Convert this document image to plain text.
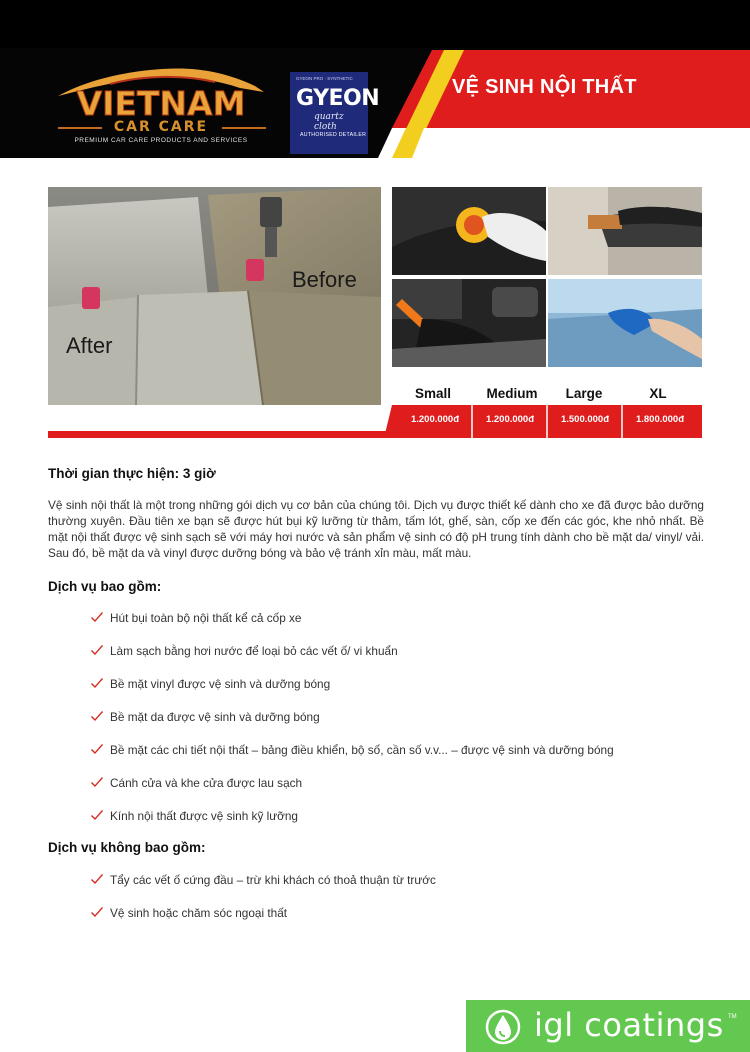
VIETNAM
CAR CARE
PREMIUM CAR CARE PRODUCTS AND SERVICES
GYEON PRO · SYNTHETIC
GYEON
quartz cloth
AUTHORISED DETAILER
VỆ SINH NỘI THẤT
After
Before
Small	Medium	Large	XL
1.200.000đ	1.200.000đ	1.500.000đ	1.800.000đ
Thời gian thực hiện: 3 giờ
Vệ sinh nội thất là một trong những gói dịch vụ cơ bản của chúng tôi. Dịch vụ được thiết kế dành cho xe đã được bảo dưỡng thường xuyên. Đầu tiên xe bạn sẽ được hút bụi kỹ lưỡng từ thảm, tấm lót, ghế, sàn, cốp xe đến các góc, khe nhỏ nhất. Bề mặt nội thất được vệ sinh sạch sẽ với máy hơi nước và sản phẩm vệ sinh có độ pH trung tính dành cho bề mặt da/ vinyl/ vải. Sau đó, bề mặt da và vinyl được dưỡng bóng và bảo vệ tránh xỉn màu, mất màu.
Dịch vụ bao gồm:
Hút bụi toàn bộ nội thất kể cả cốp xe
Làm sạch bằng hơi nước để loại bỏ các vết ố/ vi khuẩn
Bề mặt vinyl được vệ sinh và dưỡng bóng
Bề mặt da được vệ sinh và dưỡng bóng
Bề mặt các chi tiết nội thất – bảng điều khiển, bộ số, cần số v.v... – được vệ sinh và dưỡng bóng
Cánh cửa và khe cửa được lau sạch
Kính nội thất được vệ sinh kỹ lưỡng
Dịch vụ không bao gồm:
Tẩy các vết ố cứng đầu – trừ khi khách có thoả thuận từ trước
Vệ sinh hoặc chăm sóc ngoại thất
igl coatings TM
